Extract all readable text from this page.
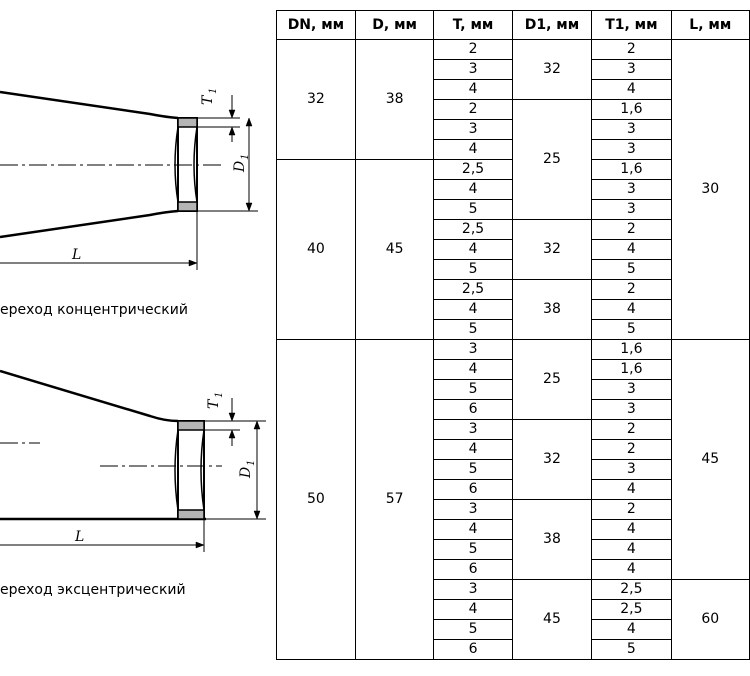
T
1
D
1
L
T
1
D
1
L
ереход концентрический
ереход эксцентрический
DN, мм	D, мм	T, мм	D1, мм	T1, мм	L, мм
32	38	2	32	2	30
		3		3	
		4		4	
		2	25	1,6	
		3		3	
		4		3	
40	45	2,5		1,6	
		4		3	
		5		3	
		2,5	32	2	
		4		4	
		5		5	
		2,5	38	2	
		4		4	
		5		5	
50	57	3	25	1,6	45
		4		1,6	
		5		3	
		6		3	
		3	32	2	
		4		2	
		5		3	
		6		4	
		3	38	2	
		4		4	
		5		4	
		6		4	
		3	45	2,5	60
		4		2,5	
		5		4	
		6		5	
